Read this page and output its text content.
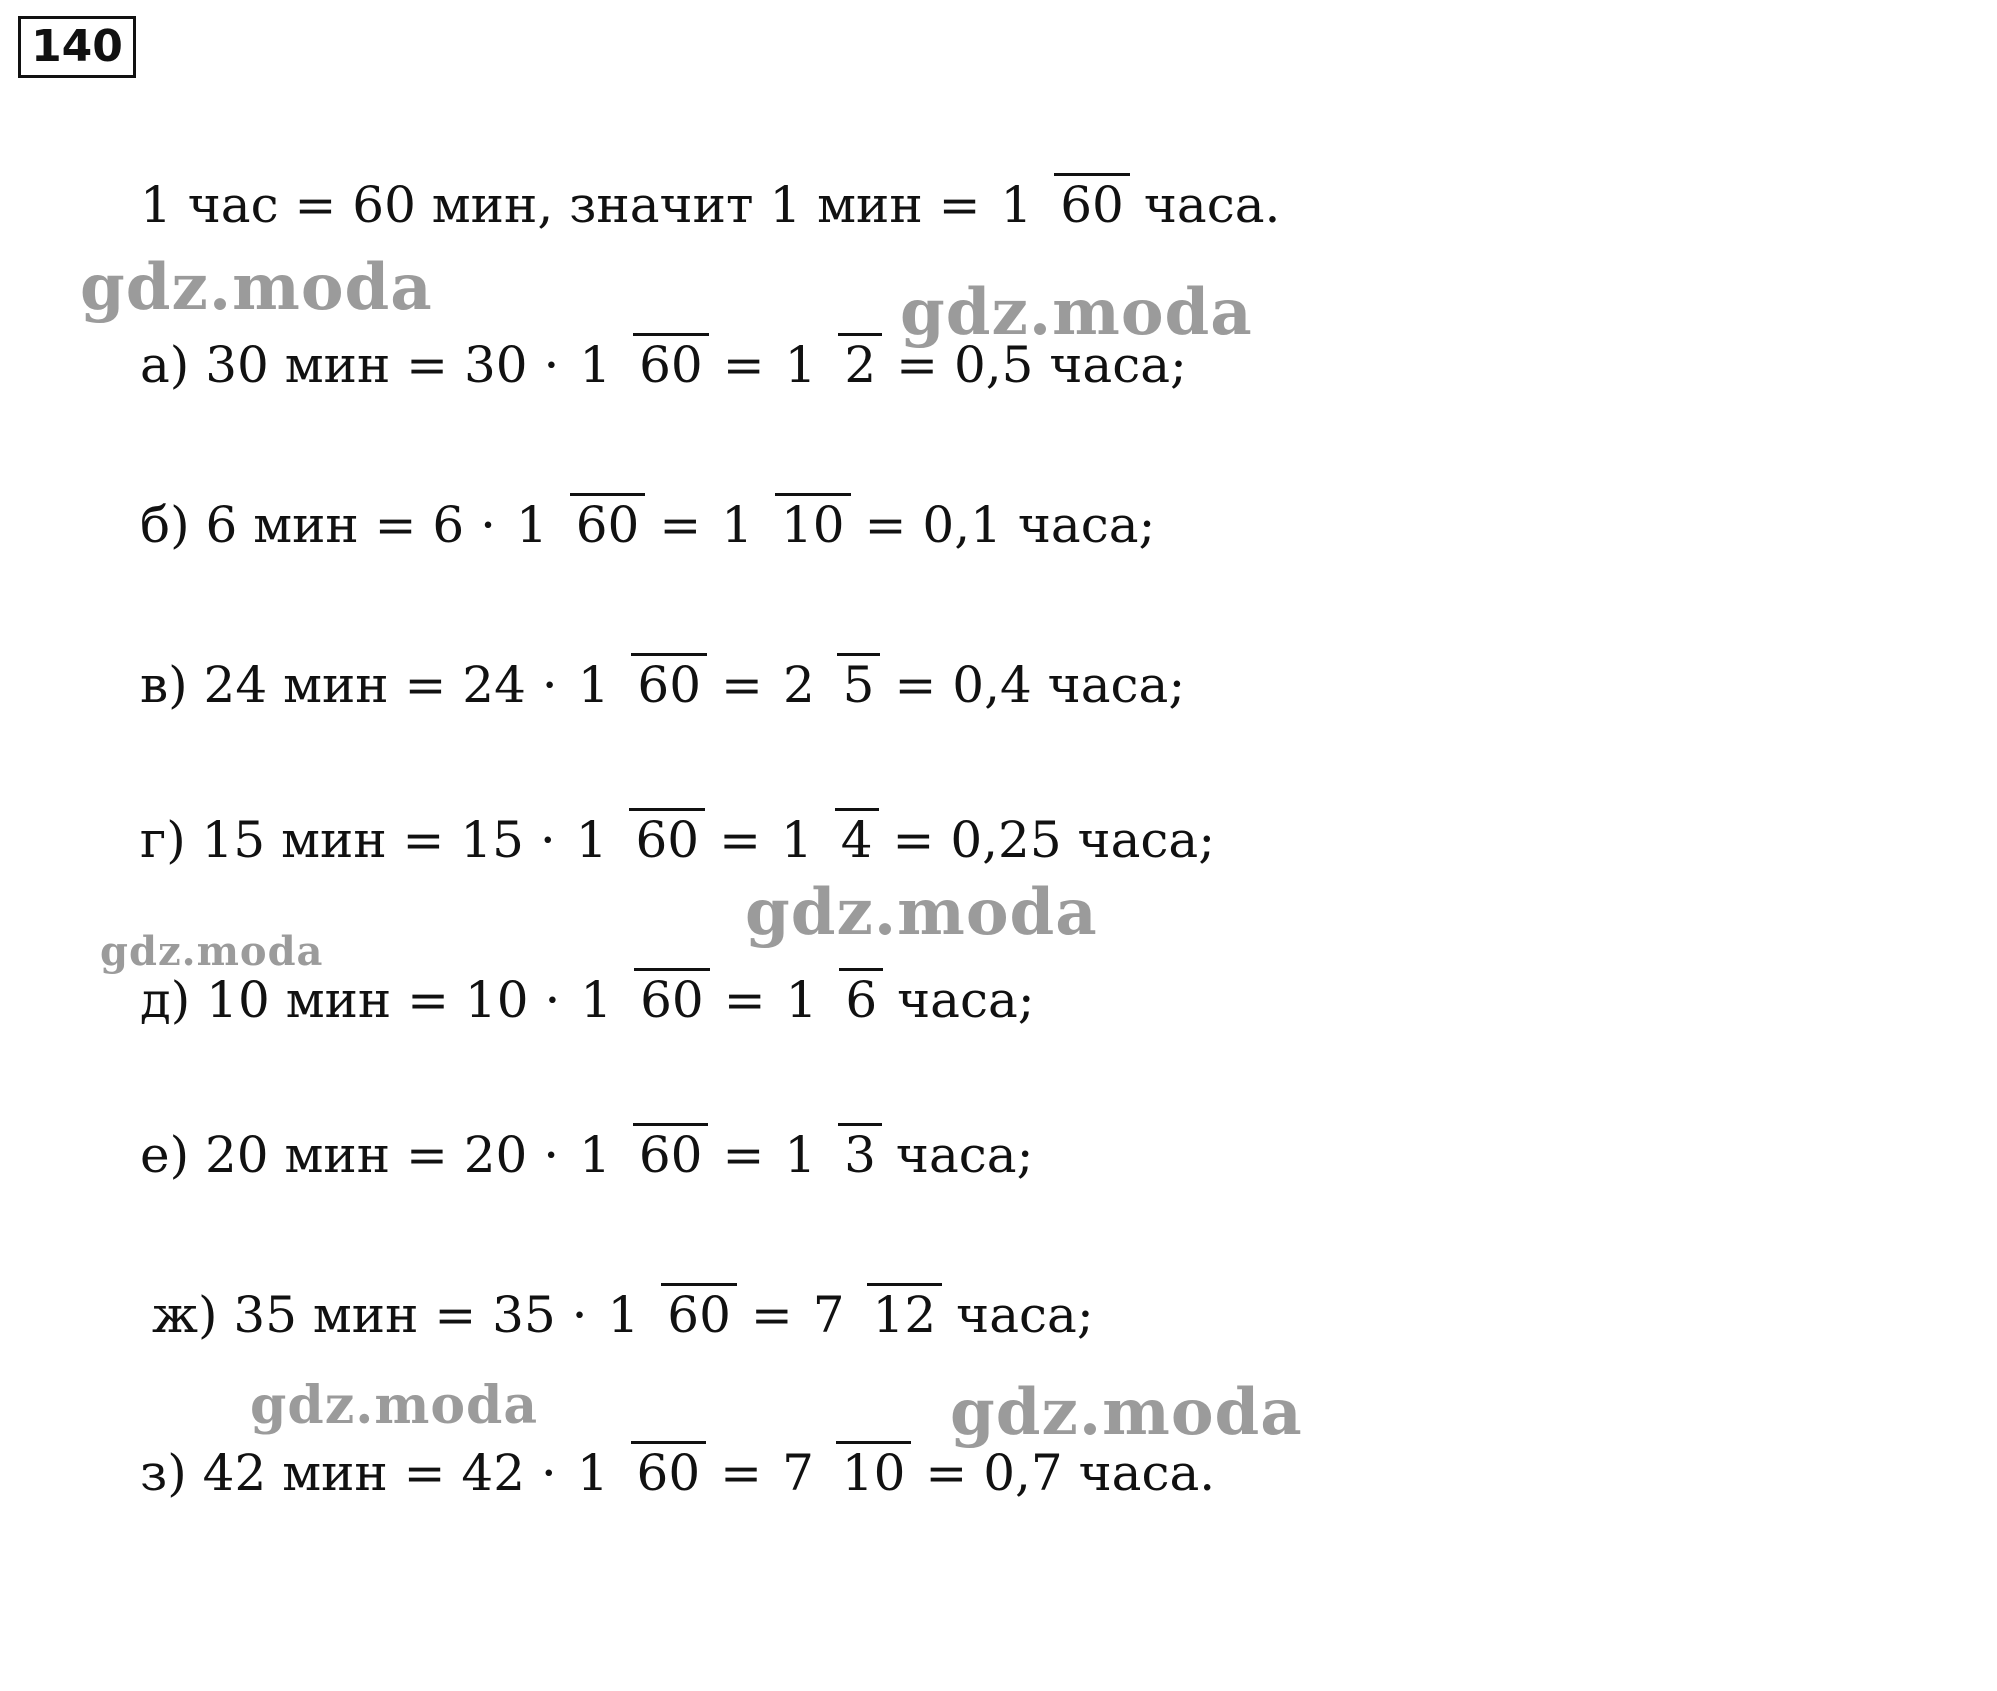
140
1 час = 60 мин, значит 1 мин = 1 60 часа.
а) 30 мин = 30 · 1 60 = 1 2 = 0,5 часа;
б) 6 мин = 6 · 1 60 = 1 10 = 0,1 часа;
в) 24 мин = 24 · 1 60 = 2 5 = 0,4 часа;
г) 15 мин = 15 · 1 60 = 1 4 = 0,25 часа;
д) 10 мин = 10 · 1 60 = 1 6 часа;
е) 20 мин = 20 · 1 60 = 1 3 часа;
ж) 35 мин = 35 · 1 60 = 7 12 часа;
з) 42 мин = 42 · 1 60 = 7 10 = 0,7 часа.
gdz.moda	gdz.moda
gdz.moda
gdz.moda
gdz.moda	gdz.moda
